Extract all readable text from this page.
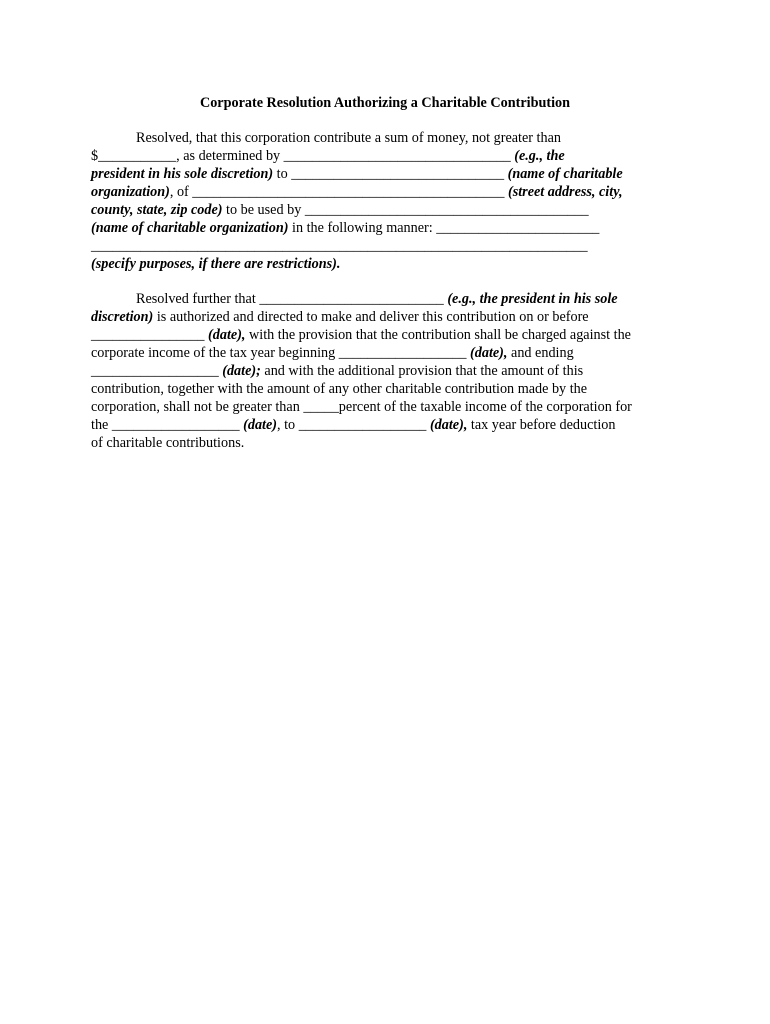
Corporate Resolution Authorizing a Charitable Contribution
Resolved, that this corporation contribute a sum of money, not greater than
$___________, as determined by ________________________________ (e.g., the
president in his sole discretion) to ______________________________ (name of charitable
organization), of ____________________________________________ (street address, city,
county, state, zip code) to be used by ________________________________________
(name of charitable organization) in the following manner: _______________________
______________________________________________________________________
(specify purposes, if there are restrictions).
Resolved further that __________________________ (e.g., the president in his sole
discretion) is authorized and directed to make and deliver this contribution on or before
________________ (date), with the provision that the contribution shall be charged against the
corporate income of the tax year beginning __________________ (date), and ending
__________________ (date); and with the additional provision that the amount of this
contribution, together with the amount of any other charitable contribution made by the
corporation, shall not be greater than _____percent of the taxable income of the corporation for
the __________________ (date), to __________________ (date), tax year before deduction
of charitable contributions.
